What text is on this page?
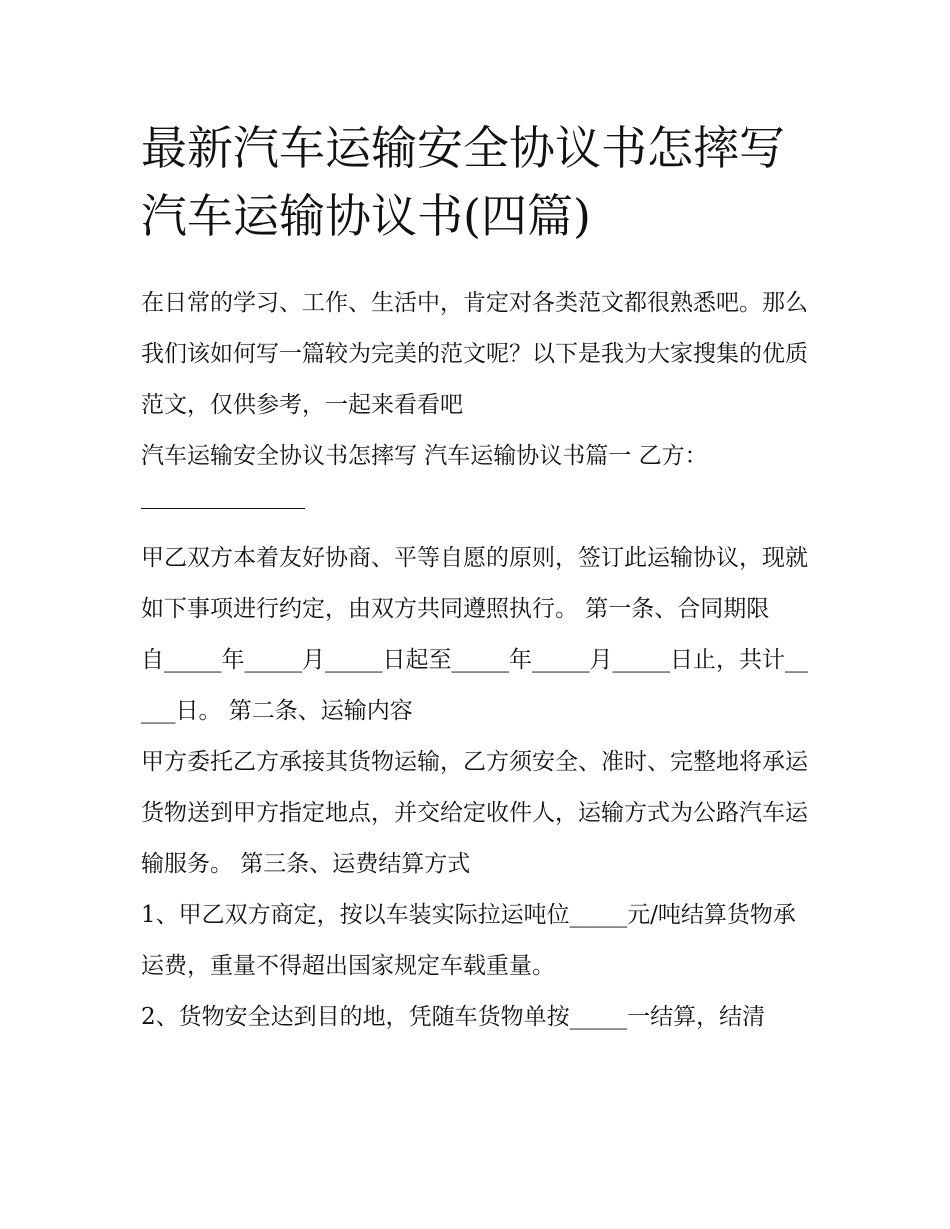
最新汽车运输安全协议书怎摔写 汽车运输协议书(四篇)

在日常的学习、工作、生活中，肯定对各类范文都很熟悉吧。那么我们该如何写一篇较为完美的范文呢？以下是我为大家搜集的优质范文，仅供参考，一起来看看吧

汽车运输安全协议书怎摔写 汽车运输协议书篇一 乙方：

甲乙双方本着友好协商、平等自愿的原则，签订此运输协议，现就如下事项进行约定，由双方共同遵照执行。 第一条、合同期限

自_____年_____月_____日起至_____年_____月_____日止，共计_____日。 第二条、运输内容

甲方委托乙方承接其货物运输，乙方须安全、准时、完整地将承运货物送到甲方指定地点，并交给定收件人，运输方式为公路汽车运输服务。 第三条、运费结算方式

1、甲乙双方商定，按以车装实际拉运吨位_____元/吨结算货物承运费，重量不得超出国家规定车载重量。

2、货物安全达到目的地，凭随车货物单按_____一结算，结清
